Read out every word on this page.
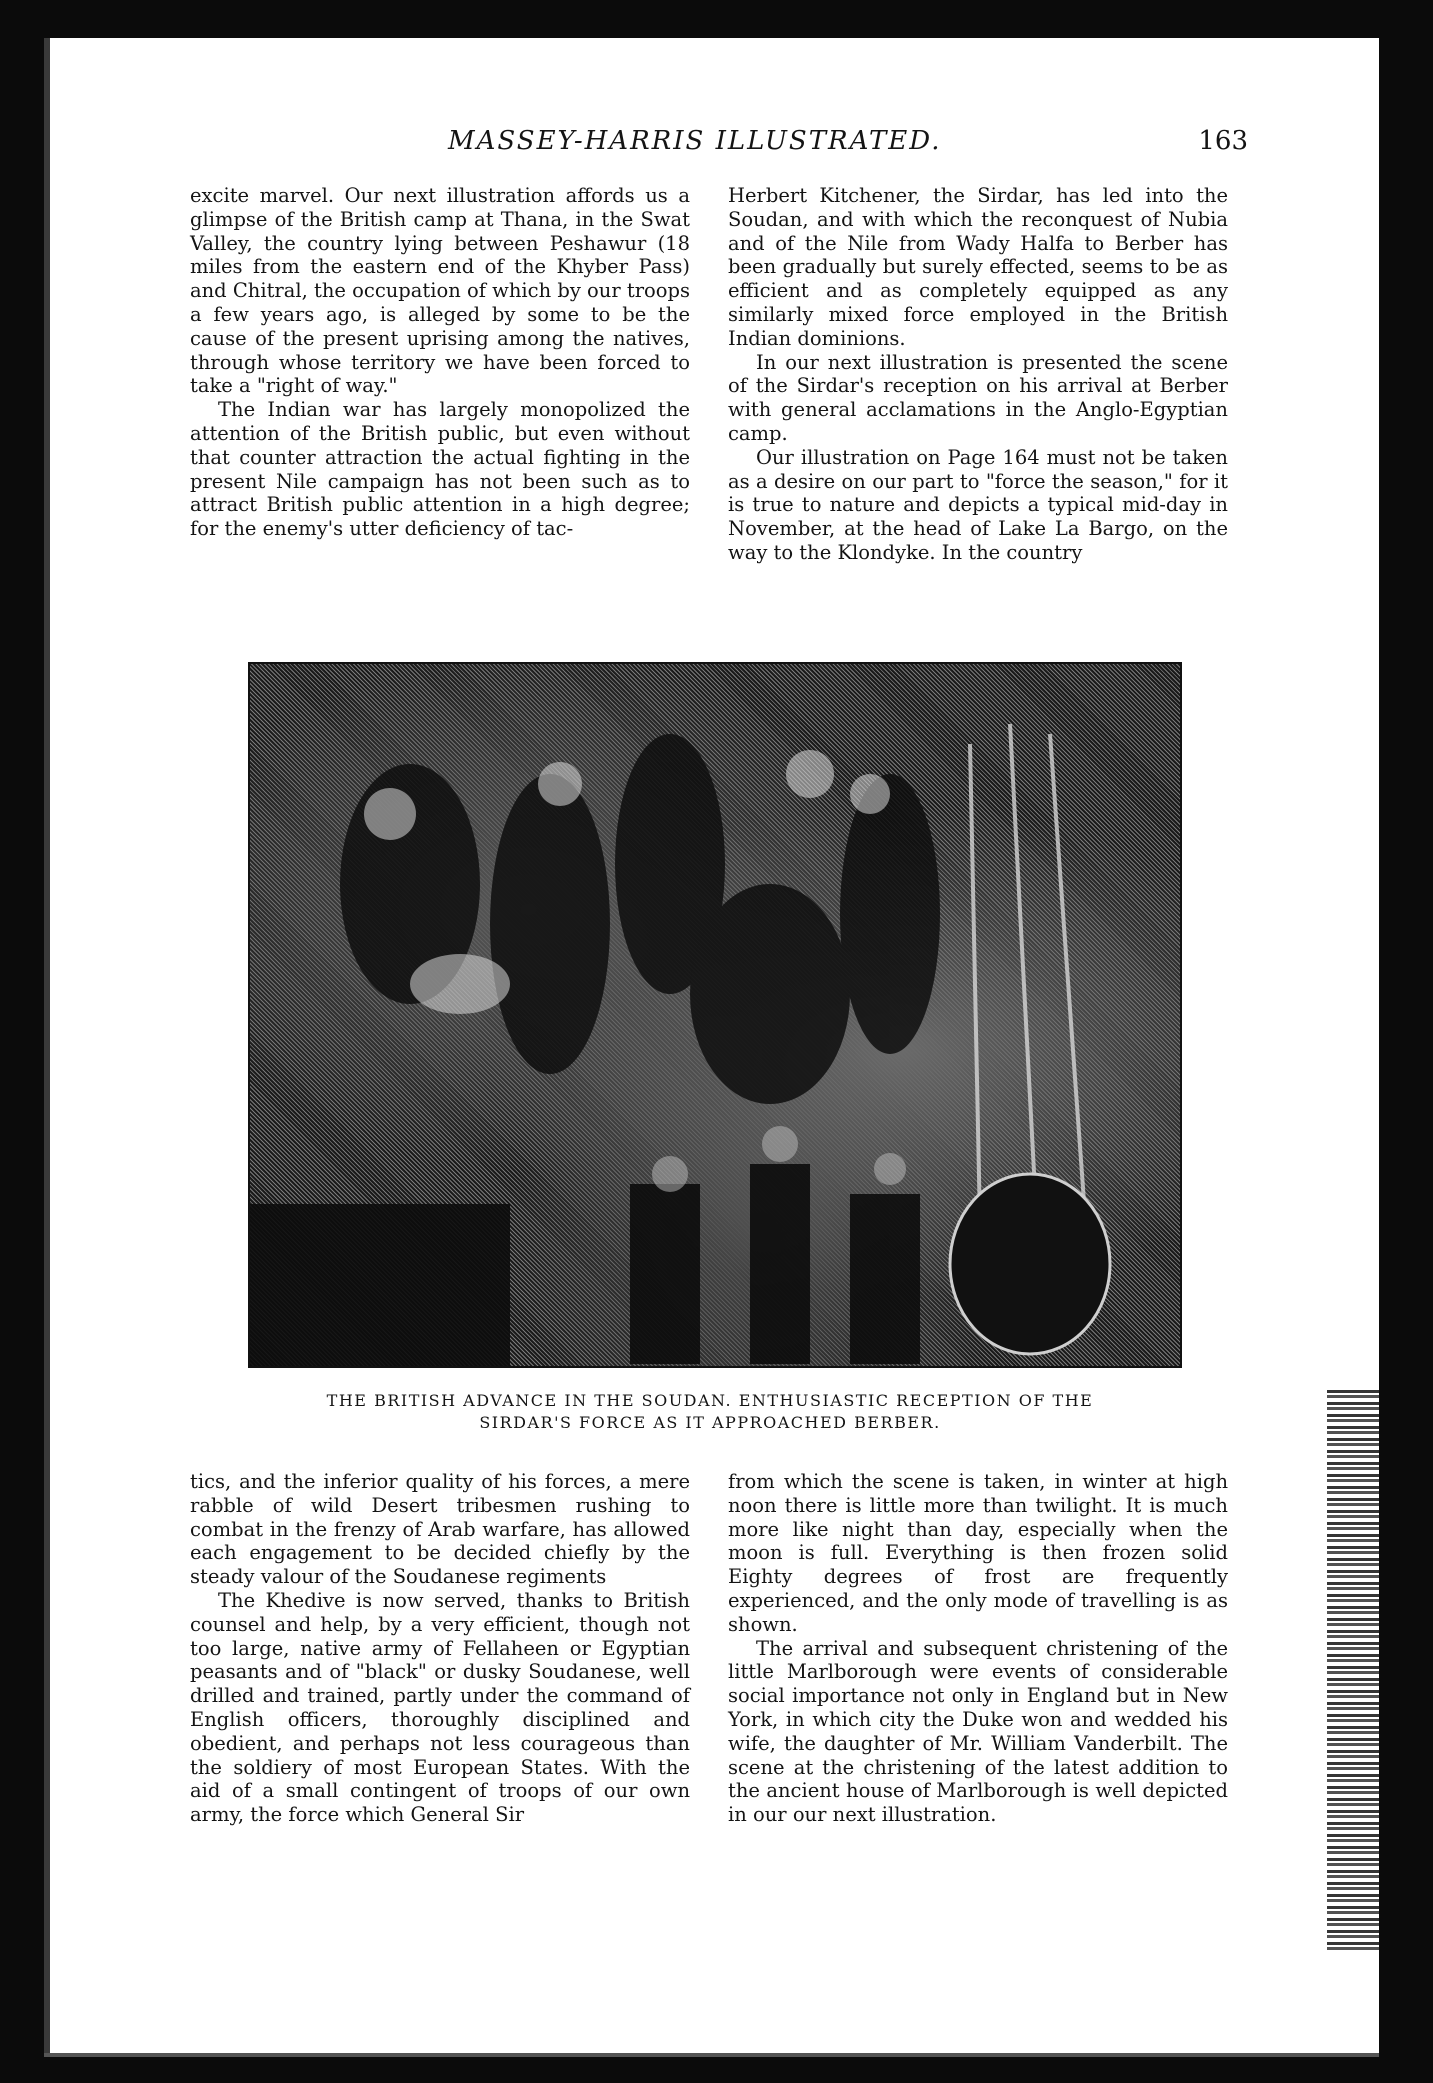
MASSEY-HARRIS ILLUSTRATED.	163

excite marvel. Our next illustration affords us a glimpse of the British camp at Thana, in the Swat Valley, the country lying between Peshawur (18 miles from the eastern end of the Khyber Pass) and Chitral, the occupation of which by our troops a few years ago, is alleged by some to be the cause of the present uprising among the natives, through whose territory we have been forced to take a "right of way."

The Indian war has largely monopolized the attention of the British public, but even without that counter attraction the actual fighting in the present Nile campaign has not been such as to attract British public attention in a high degree; for the enemy's utter deficiency of tac-

Herbert Kitchener, the Sirdar, has led into the Soudan, and with which the reconquest of Nubia and of the Nile from Wady Halfa to Berber has been gradually but surely effected, seems to be as efficient and as completely equipped as any similarly mixed force employed in the British Indian dominions.

In our next illustration is presented the scene of the Sirdar's reception on his arrival at Berber with general acclamations in the Anglo-Egyptian camp.

Our illustration on Page 164 must not be taken as a desire on our part to "force the season," for it is true to nature and depicts a typical mid-day in November, at the head of Lake La Bargo, on the way to the Klondyke. In the country

THE BRITISH ADVANCE IN THE SOUDAN. ENTHUSIASTIC RECEPTION OF THE
SIRDAR'S FORCE AS IT APPROACHED BERBER.

tics, and the inferior quality of his forces, a mere rabble of wild Desert tribesmen rushing to combat in the frenzy of Arab warfare, has allowed each engagement to be decided chiefly by the steady valour of the Soudanese regiments

The Khedive is now served, thanks to British counsel and help, by a very efficient, though not too large, native army of Fellaheen or Egyptian peasants and of "black" or dusky Soudanese, well drilled and trained, partly under the command of English officers, thoroughly disciplined and obedient, and perhaps not less courageous than the soldiery of most European States. With the aid of a small contingent of troops of our own army, the force which General Sir

from which the scene is taken, in winter at high noon there is little more than twilight. It is much more like night than day, especially when the moon is full. Everything is then frozen solid Eighty degrees of frost are frequently experienced, and the only mode of travelling is as shown.

The arrival and subsequent christening of the little Marlborough were events of considerable social importance not only in England but in New York, in which city the Duke won and wedded his wife, the daughter of Mr. William Vanderbilt. The scene at the christening of the latest addition to the ancient house of Marlborough is well depicted in our our next illustration.
